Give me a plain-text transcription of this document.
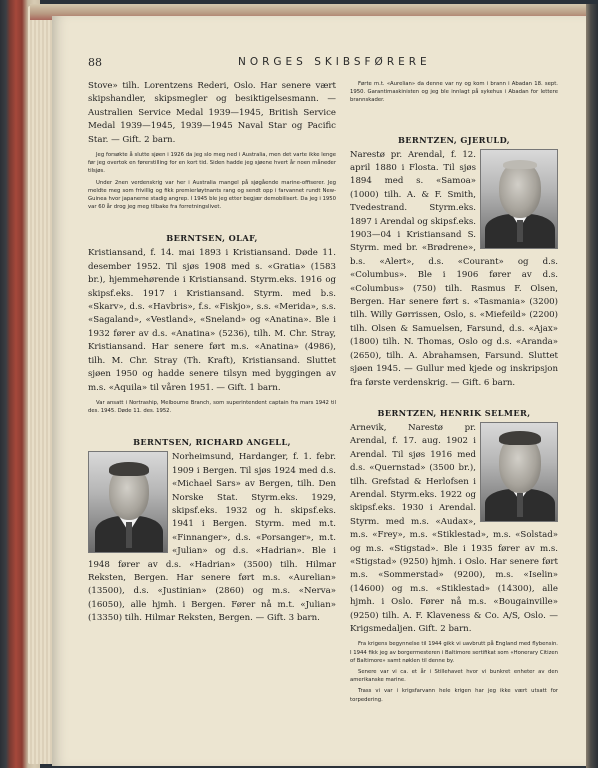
88	NORGES SKIBSFØRERE

Stove» tilh. Lorentzens Rederi, Oslo. Har senere vært skipshandler, skipsmegler og besiktigelsesmann. — Australien Service Medal 1939—1945, British Service Medal 1939—1945, 1939—1945 Naval Star og Pacific Star. — Gift. 2 barn.

Jeg forsøkte å slutte sjøen i 1926 da jeg slo meg ned i Australia, men det varte ikke lenge før jeg overtok en førerstilling for en kort tid. Siden hadde jeg sjøene hvert år noen måneder tilsjøs.

Under 2nen verdenskrig var her i Australia mangel på sjøgående marine-offiserer. Jeg meldte meg som frivillig og fikk premierløytnants rang og sendt opp i farvannet rundt New-Guinea hvor japanerne stadig angrep. I 1945 ble jeg etter begjær demobilisert. Da jeg i 1950 var 60 år drog jeg meg tilbake fra forretningslivet.

BERNTSEN, OLAF,

Kristiansand, f. 14. mai 1893 i Kristiansand. Døde 11. desember 1952. Til sjøs 1908 med s. «Gratia» (1583 br.), hjemmehørende i Kristiansand. Styrm.eks. 1916 og skipsf.eks. 1917 i Kristiansand. Styrm. med b.s. «Skarv», d.s. «Havbris», f.s. «Fiskjo», s.s. «Merida», s.s. «Sagaland», «Vestland», «Sneland» og «Anatina». Ble i 1932 fører av d.s. «Anatina» (5236), tilh. M. Chr. Stray, Kristiansand. Har senere ført m.s. «Anatina» (4986), tilh. M. Chr. Stray (Th. Kraft), Kristiansand. Sluttet sjøen 1950 og hadde senere tilsyn med byggingen av m.s. «Aquila» til våren 1951. — Gift. 1 barn.

Var ansatt i Nortraship, Melbourne Branch, som superintendent captain fra mars 1942 til des. 1945. Døde 11. des. 1952.

BERNTSEN, RICHARD ANGELL,

Norheimsund, Hardanger, f. 1. febr. 1909 i Bergen. Til sjøs 1924 med d.s. «Michael Sars» av Bergen, tilh. Den Norske Stat. Styrm.eks. 1929, skipsf.eks. 1932 og h. skipsf.eks. 1941 i Bergen. Styrm. med m.t. «Finnanger», d.s. «Porsanger», m.t. «Julian» og d.s. «Hadrian». Ble i 1948 fører av d.s. «Hadrian» (3500) tilh. Hilmar Reksten, Bergen. Har senere ført m.s. «Aurelian» (13500), d.s. «Justinian» (2860) og m.s. «Nerva» (16050), alle hjmh. i Bergen. Fører nå m.t. «Julian» (13350) tilh. Hilmar Reksten, Bergen. — Gift. 3 barn.

Førte m.t. «Aurelian» da denne var ny og kom i brann i Abadan 18. sept. 1950. Garantimaskinisten og jeg ble innlagt på sykehus i Abadan for lettere brannskader.

BERNTZEN, GJERULD,

Narestø pr. Arendal, f. 12. april 1880 i Flosta. Til sjøs 1894 med s. «Samoa» (1000) tilh. A. & F. Smith, Tvedestrand. Styrm.eks. 1897 i Arendal og skipsf.eks. 1903—04 i Kristiansand S. Styrm. med br. «Brødrene», b.s. «Alert», d.s. «Courant» og d.s. «Columbus». Ble i 1906 fører av d.s. «Columbus» (750) tilh. Rasmus F. Olsen, Bergen. Har senere ført s. «Tasmania» (3200) tilh. Willy Gørrissen, Oslo, s. «Miefeild» (2200) tilh. Olsen & Samuelsen, Farsund, d.s. «Ajax» (1800) tilh. N. Thomas, Oslo og d.s. «Aranda» (2650), tilh. A. Abrahamsen, Farsund. Sluttet sjøen 1945. — Gullur med kjede og inskripsjon fra første verdenskrig. — Gift. 6 barn.

BERNTZEN, HENRIK SELMER,

Arnevik, Narestø pr. Arendal, f. 17. aug. 1902 i Arendal. Til sjøs 1916 med d.s. «Quernstad» (3500 br.), tilh. Grefstad & Herlofsen i Arendal. Styrm.eks. 1922 og skipsf.eks. 1930 i Arendal. Styrm. med m.s. «Audax», m.s. «Frey», m.s. «Stiklestad», m.s. «Solstad» og m.s. «Stigstad». Ble i 1935 fører av m.s. «Stigstad» (9250) hjmh. i Oslo. Har senere ført m.s. «Sommerstad» (9200), m.s. «Iselin» (14600) og m.s. «Stiklestad» (14300), alle hjmh. i Oslo. Fører nå m.s. «Bougainville» (9250) tilh. A. F. Klaveness & Co. A/S, Oslo. — Krigsmedaljen. Gift. 2 barn.

Fra krigens begynnelse til 1944 gikk vi uavbrutt på England med flybensin. I 1944 fikk jeg av borgermesteren i Baltimore sertifikat som «Honerary Citizen of Baltimore» samt nøklen til denne by.

Senere var vi ca. et år i Stillehavet hvor vi bunkret enheter av den amerikanske marine.

Trass vi var i krigsfarvann hele krigen har jeg ikke vært utsatt for torpedering.
